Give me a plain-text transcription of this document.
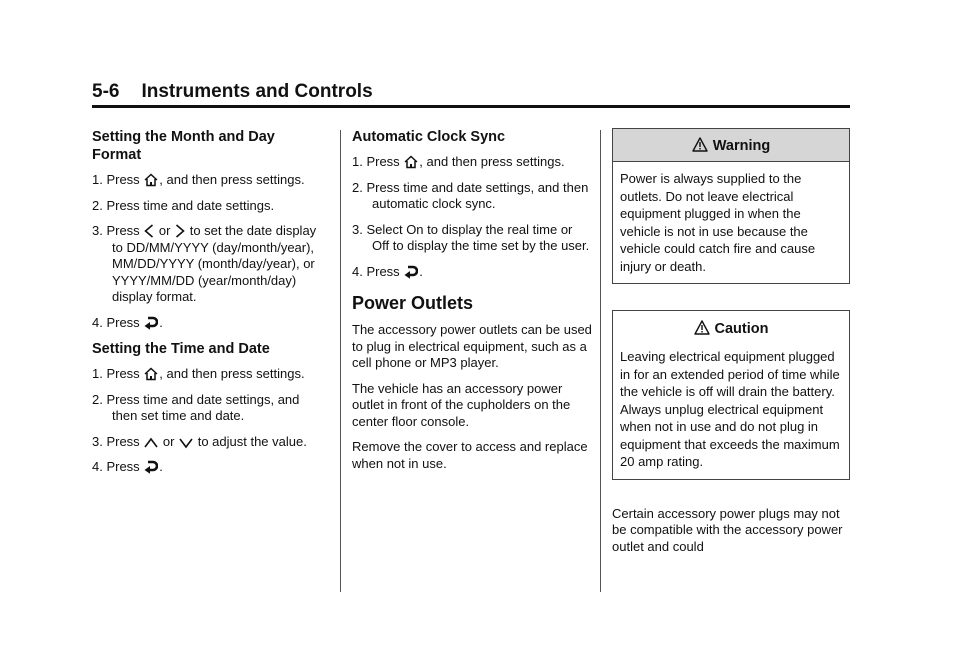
5-6 Instruments and Controls
Setting the Month and Day Format
1. Press , and then press settings.
2. Press time and date settings.
3. Press  or  to set the date display to DD/MM/YYYY (day/month/year), MM/DD/YYYY (month/day/year), or YYYY/MM/DD (year/month/day) display format.
4. Press .
Setting the Time and Date
1. Press , and then press settings.
2. Press time and date settings, and then set time and date.
3. Press  or  to adjust the value.
4. Press .
Automatic Clock Sync
1. Press , and then press settings.
2. Press time and date settings, and then automatic clock sync.
3. Select On to display the real time or Off to display the time set by the user.
4. Press .
Power Outlets

The accessory power outlets can be used to plug in electrical equipment, such as a cell phone or MP3 player.

The vehicle has an accessory power outlet in front of the cupholders on the center floor console.

Remove the cover to access and replace when not in use.

Warning
Power is always supplied to the outlets. Do not leave electrical equipment plugged in when the vehicle is not in use because the vehicle could catch fire and cause injury or death.
Caution
Leaving electrical equipment plugged in for an extended period of time while the vehicle is off will drain the battery. Always unplug electrical equipment when not in use and do not plug in equipment that exceeds the maximum 20 amp rating.

Certain accessory power plugs may not be compatible with the accessory power outlet and could
